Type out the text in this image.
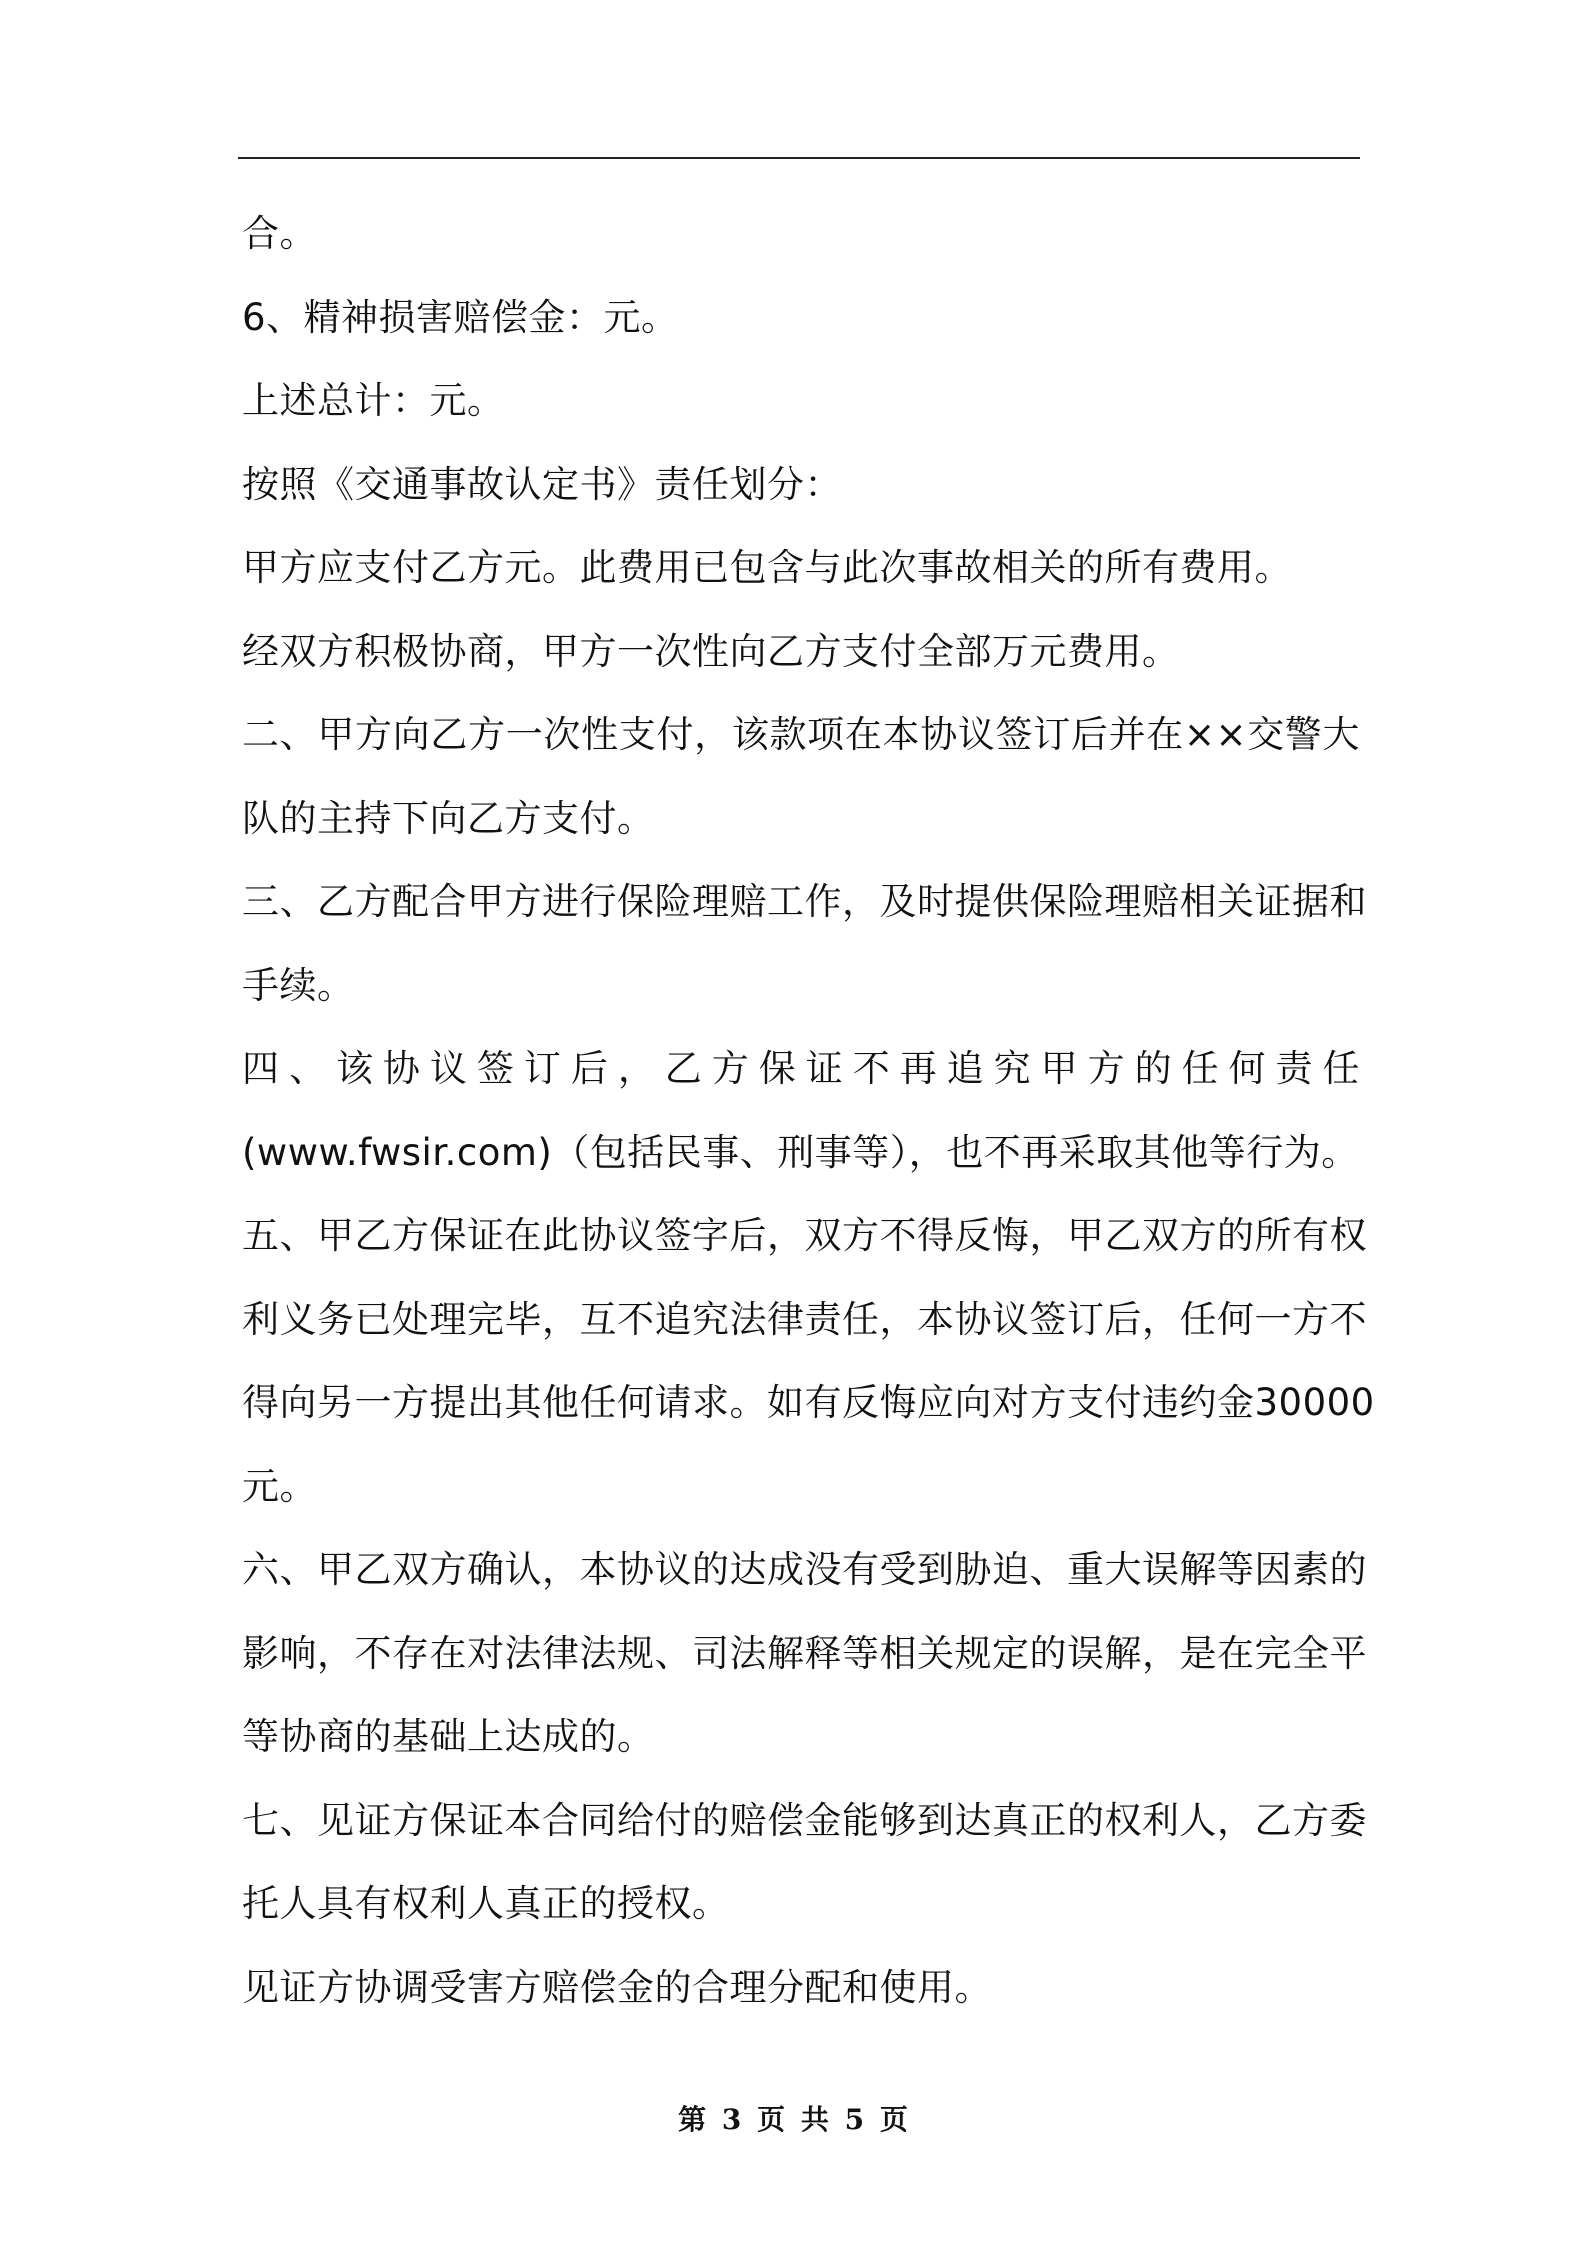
合。
6、精神损害赔偿金：元。
上述总计：元。
按照《交通事故认定书》责任划分：
甲方应支付乙方元。此费用已包含与此次事故相关的所有费用。
经双方积极协商，甲方一次性向乙方支付全部万元费用。
二、甲方向乙方一次性支付，该款项在本协议签订后并在××交警大
队的主持下向乙方支付。
三、乙方配合甲方进行保险理赔工作，及时提供保险理赔相关证据和
手续。
四、该协议签订后，乙方保证不再追究甲方的任何责任
(www.fwsir.com)（包括民事、刑事等），也不再采取其他等行为。
五、甲乙方保证在此协议签字后，双方不得反悔，甲乙双方的所有权
利义务已处理完毕，互不追究法律责任，本协议签订后，任何一方不
得向另一方提出其他任何请求。如有反悔应向对方支付违约金30000
元。
六、甲乙双方确认，本协议的达成没有受到胁迫、重大误解等因素的
影响，不存在对法律法规、司法解释等相关规定的误解，是在完全平
等协商的基础上达成的。
七、见证方保证本合同给付的赔偿金能够到达真正的权利人，乙方委
托人具有权利人真正的授权。
见证方协调受害方赔偿金的合理分配和使用。
第 3 页 共 5 页
